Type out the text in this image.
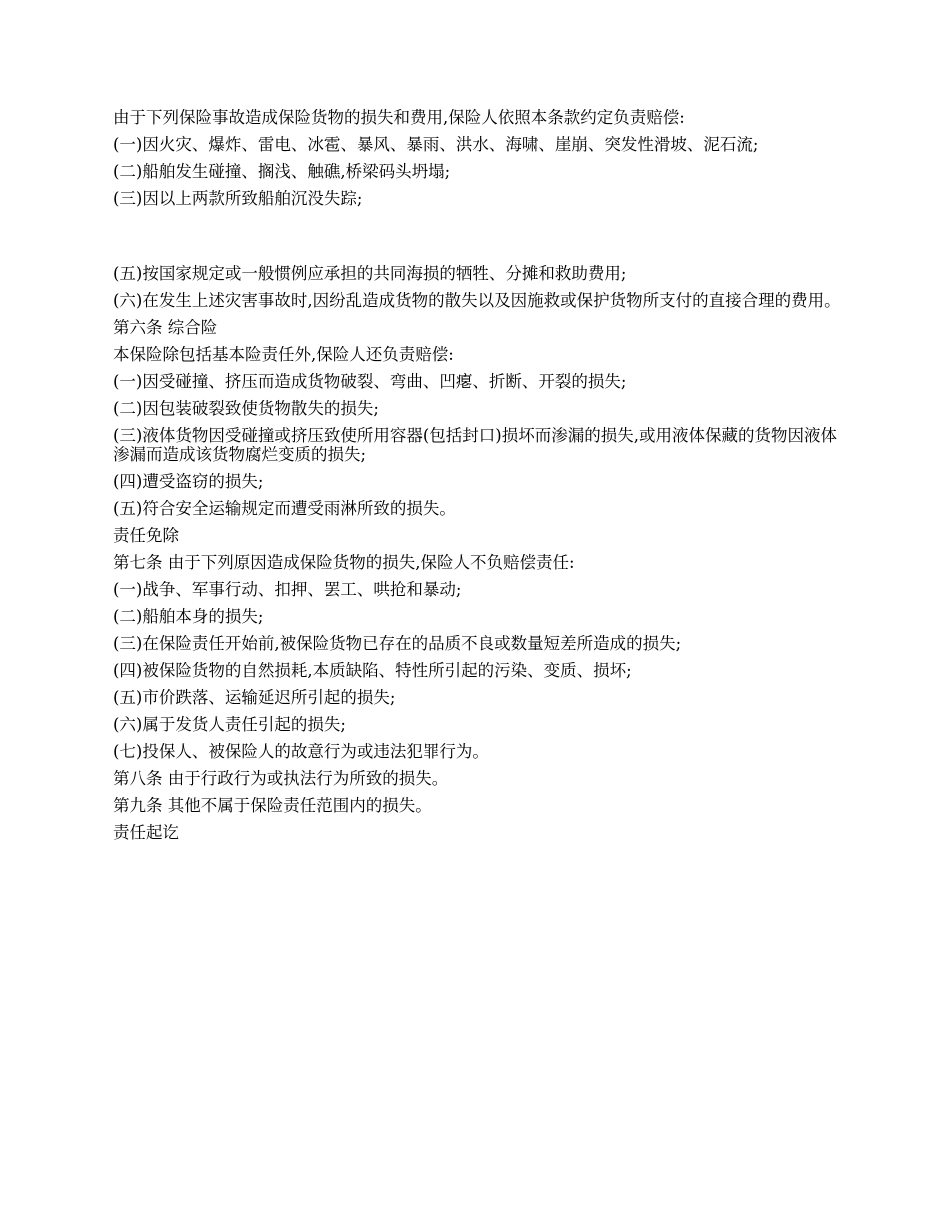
由于下列保险事故造成保险货物的损失和费用,保险人依照本条款约定负责赔偿:

(一)因火灾、爆炸、雷电、冰雹、暴风、暴雨、洪水、海啸、崖崩、突发性滑坡、泥石流;

(二)船舶发生碰撞、搁浅、触礁,桥梁码头坍塌;

(三)因以上两款所致船舶沉没失踪;

(五)按国家规定或一般惯例应承担的共同海损的牺牲、分摊和救助费用;

(六)在发生上述灾害事故时,因纷乱造成货物的散失以及因施救或保护货物所支付的直接合理的费用。

第六条 综合险

本保险除包括基本险责任外,保险人还负责赔偿:

(一)因受碰撞、挤压而造成货物破裂、弯曲、凹瘪、折断、开裂的损失;

(二)因包装破裂致使货物散失的损失;

(三)液体货物因受碰撞或挤压致使所用容器(包括封口)损坏而渗漏的损失,或用液体保藏的货物因液体渗漏而造成该货物腐烂变质的损失;

(四)遭受盗窃的损失;

(五)符合安全运输规定而遭受雨淋所致的损失。

责任免除

第七条 由于下列原因造成保险货物的损失,保险人不负赔偿责任:

(一)战争、军事行动、扣押、罢工、哄抢和暴动;

(二)船舶本身的损失;

(三)在保险责任开始前,被保险货物已存在的品质不良或数量短差所造成的损失;

(四)被保险货物的自然损耗,本质缺陷、特性所引起的污染、变质、损坏;

(五)市价跌落、运输延迟所引起的损失;

(六)属于发货人责任引起的损失;

(七)投保人、被保险人的故意行为或违法犯罪行为。

第八条 由于行政行为或执法行为所致的损失。

第九条 其他不属于保险责任范围内的损失。

责任起讫
